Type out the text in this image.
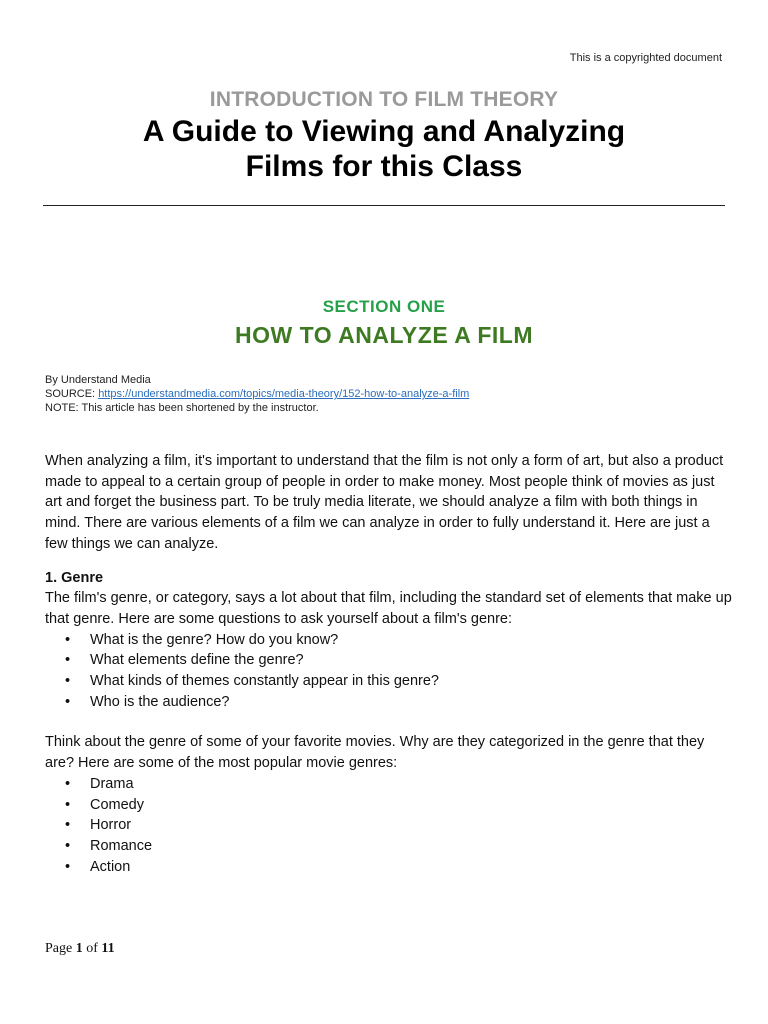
This is a copyrighted document
INTRODUCTION TO FILM THEORY
A Guide to Viewing and Analyzing
Films for this Class
SECTION ONE
HOW TO ANALYZE A FILM
By Understand Media
SOURCE: https://understandmedia.com/topics/media-theory/152-how-to-analyze-a-film
NOTE: This article has been shortened by the instructor.

When analyzing a film, it's important to understand that the film is not only a form of art, but also a product made to appeal to a certain group of people in order to make money. Most people think of movies as just art and forget the business part. To be truly media literate, we should analyze a film with both things in mind. There are various elements of a film we can analyze in order to fully understand it. Here are just a few things we can analyze.

1. Genre

The film's genre, or category, says a lot about that film, including the standard set of elements that make up that genre. Here are some questions to ask yourself about a film's genre:

• What is the genre? How do you know?
• What elements define the genre?
• What kinds of themes constantly appear in this genre?
• Who is the audience?

Think about the genre of some of your favorite movies. Why are they categorized in the genre that they are? Here are some of the most popular movie genres:

• Drama
• Comedy
• Horror
• Romance
• Action
Page 1 of 11
